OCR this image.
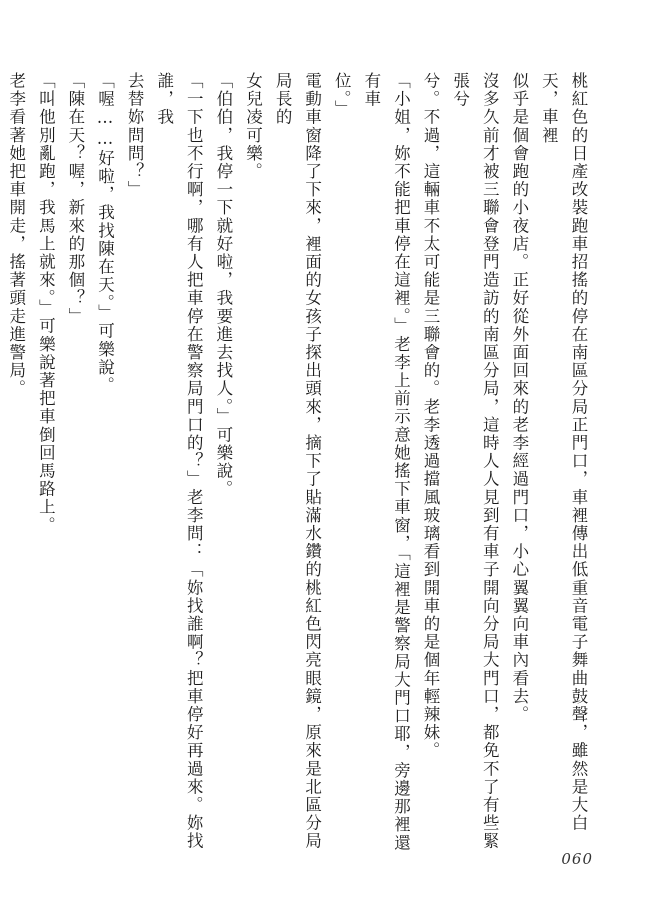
桃紅色的日產改裝跑車招搖的停在南區分局正門口，車裡傳出低重音電子舞曲鼓聲，雖然是大白天，車裡

似乎是個會跑的小夜店。正好從外面回來的老李經過門口，小心翼翼向車內看去。

沒多久前才被三聯會登門造訪的南區分局，這時人人見到有車子開向分局大門口，都免不了有些緊張兮

兮。不過，這輛車不太可能是三聯會的。老李透過擋風玻璃看到開車的是個年輕辣妹。

「小姐，妳不能把車停在這裡。」老李上前示意她搖下車窗，「這裡是警察局大門口耶，旁邊那裡還有車

位。」

電動車窗降了下來，裡面的女孩子探出頭來，摘下了貼滿水鑽的桃紅色閃亮眼鏡，原來是北區分局局長的

女兒凌可樂。

「伯伯，我停一下就好啦，我要進去找人。」可樂說。

「一下也不行啊，哪有人把車停在警察局門口的？」老李問：「妳找誰啊？把車停好再過來。妳找誰，我

去替妳問問？」

「喔……好啦，我找陳在天。」可樂說。

「陳在天？喔，新來的那個？」

「叫他別亂跑，我馬上就來。」可樂說著把車倒回馬路上。

老李看著她把車開走，搖著頭走進警局。

060
